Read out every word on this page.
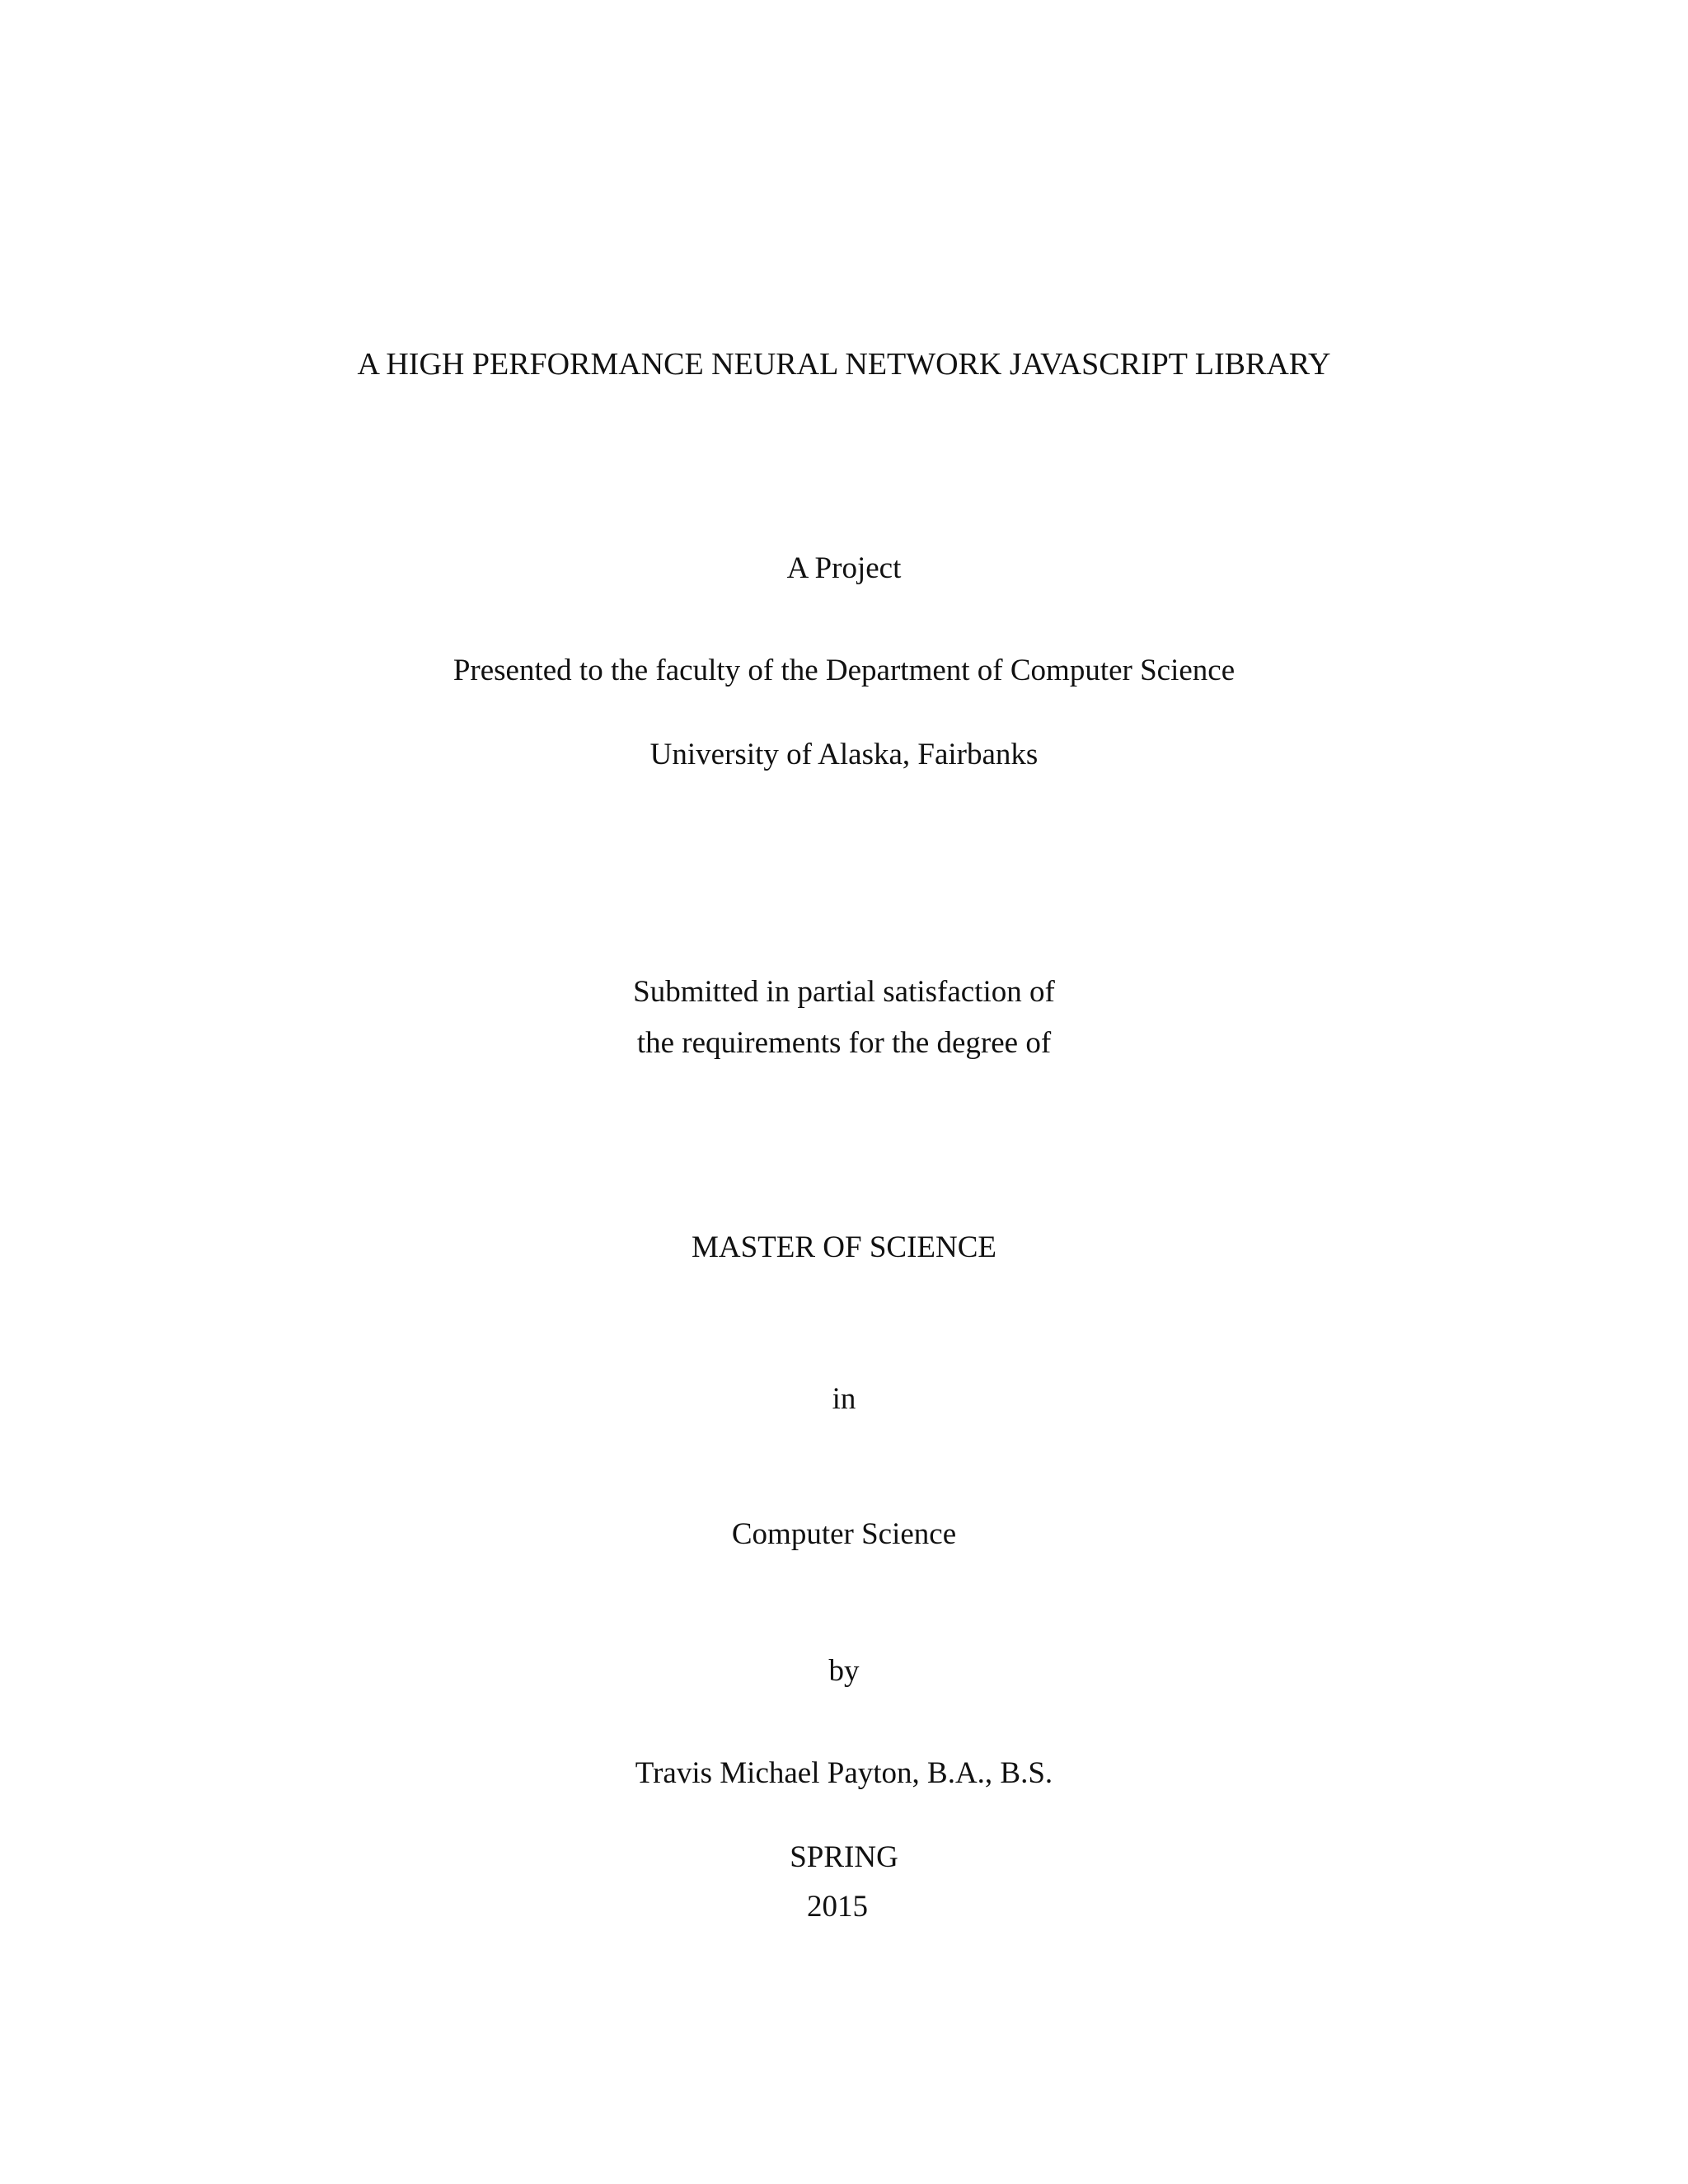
A HIGH PERFORMANCE NEURAL NETWORK JAVASCRIPT LIBRARY
A Project
Presented to the faculty of the Department of Computer Science
University of Alaska, Fairbanks
Submitted in partial satisfaction of
the requirements for the degree of
MASTER OF SCIENCE
in
Computer Science
by
Travis Michael Payton, B.A., B.S.
SPRING
2015
